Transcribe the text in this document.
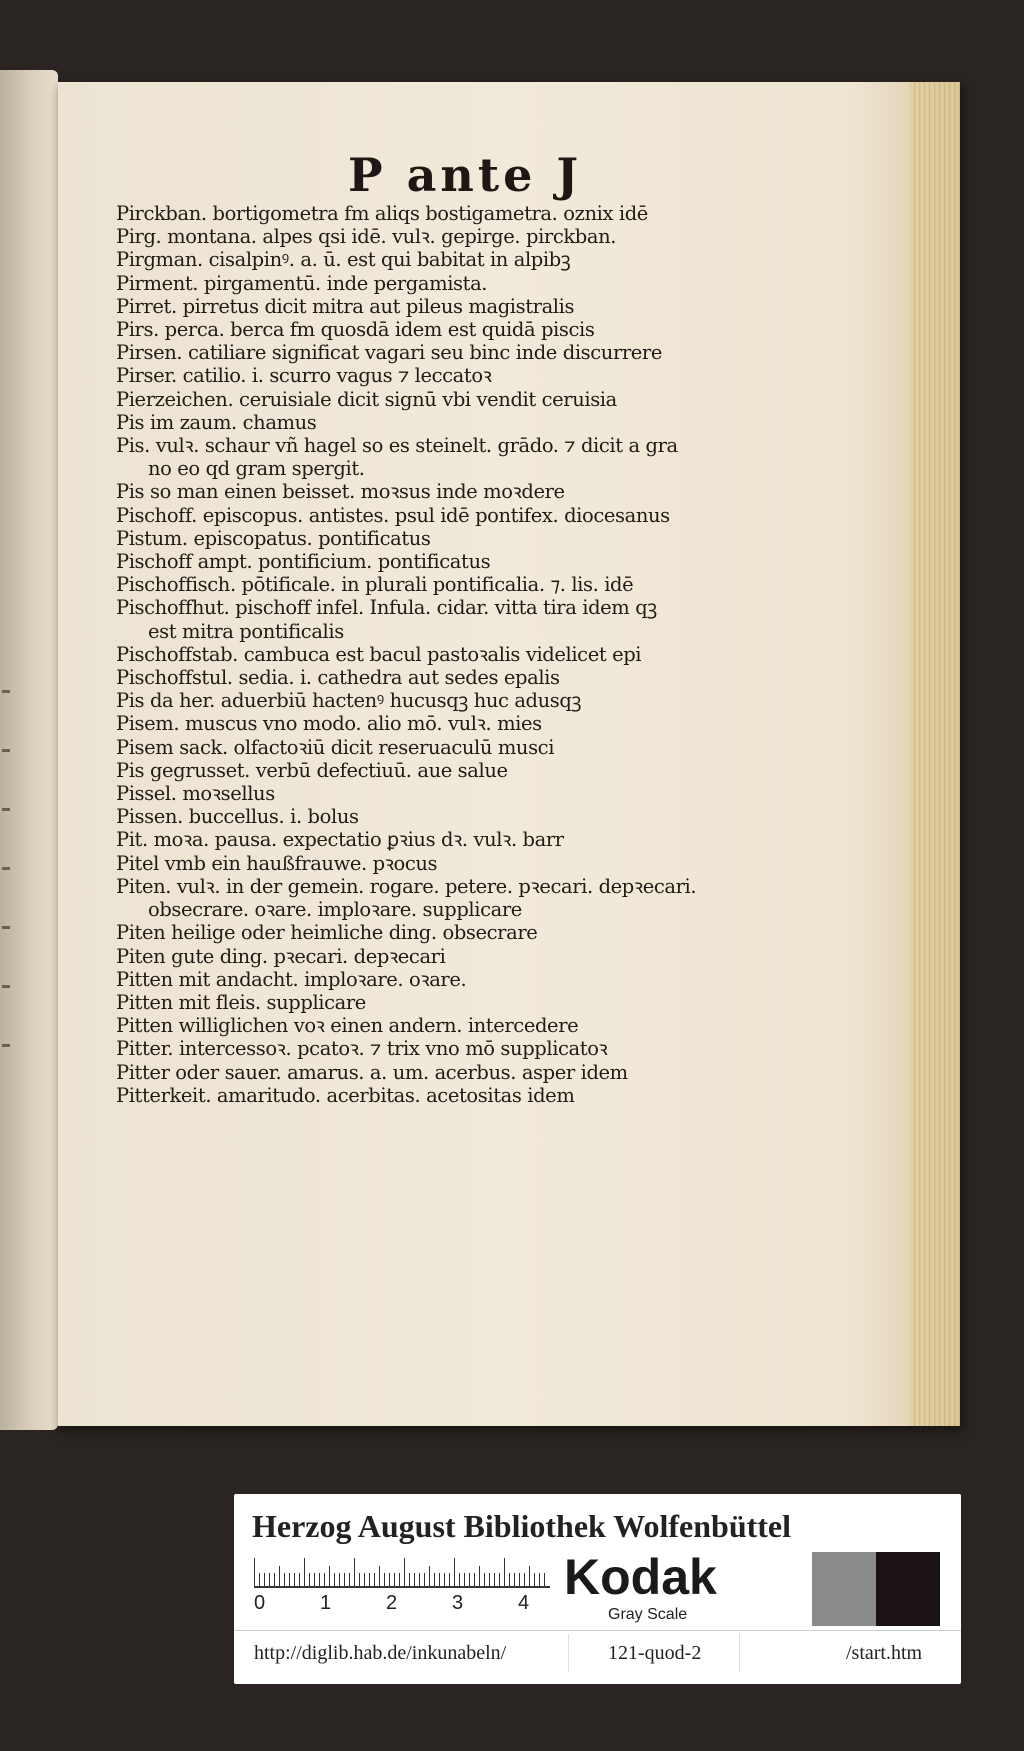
P ante J
Pirckban. bortigometra fm aliqs bostigametra. oznix idē
Pirg. montana. alpes qsi idē. vulꝛ. gepirge. pirckban.
Pirgman. cisalpinꝰ. a. ū. est qui babitat in alpibꝫ
Pirment. pirgamentū. inde pergamista.
Pirret. pirretus dicit mitra aut pileus magistralis
Pirs. perca. berca fm quosdā idem est quidā piscis
Pirsen. catiliare significat vagari seu binc inde discurrere
Pirser. catilio. i. scurro vagus ⁊ leccatoꝛ
Pierzeichen. ceruisiale dicit signū vbi vendit ceruisia
Pis im zaum. chamus
Pis. vulꝛ. schaur vñ hagel so es steinelt. grādo. ⁊ dicit a gra
no eo qd gram spergit.
Pis so man einen beisset. moꝛsus inde moꝛdere
Pischoff. episcopus. antistes. psul idē pontifex. diocesanus
Pistum. episcopatus. pontificatus
Pischoff ampt. pontificium. pontificatus
Pischoffisch. pōtificale. in plurali pontificalia. ⁊. lis. idē
Pischoffhut. pischoff infel. Infula. cidar. vitta tira idem qꝫ
est mitra pontificalis
Pischoffstab. cambuca est bacul pastoꝛalis videlicet epi
Pischoffstul. sedia. i. cathedra aut sedes epalis
Pis da her. aduerbiū hactenꝰ hucusqꝫ huc adusqꝫ
Pisem. muscus vno modo. alio mō. vulꝛ. mies
Pisem sack. olfactoꝛiū dicit reseruaculū musci
Pis gegrusset. verbū defectiuū. aue salue
Pissel. moꝛsellus
Pissen. buccellus. i. bolus
Pit. moꝛa. pausa. expectatio ꝑꝛius dꝛ. vulꝛ. barr
Pitel vmb ein haußfrauwe. pꝛocus
Piten. vulꝛ. in der gemein. rogare. petere. pꝛecari. depꝛecari.
obsecrare. oꝛare. imploꝛare. supplicare
Piten heilige oder heimliche ding. obsecrare
Piten gute ding. pꝛecari. depꝛecari
Pitten mit andacht. imploꝛare. oꝛare.
Pitten mit fleis. supplicare
Pitten williglichen voꝛ einen andern. intercedere
Pitter. intercessoꝛ. pcatoꝛ. ⁊ trix vno mō supplicatoꝛ
Pitter oder sauer. amarus. a. um. acerbus. asper idem
Pitterkeit. amaritudo. acerbitas. acetositas idem
Herzog August Bibliothek Wolfenbüttel
0	1	2	3	4 Kodak
Gray Scale
http://diglib.hab.de/inkunabeln/	121-quod-2	/start.htm
